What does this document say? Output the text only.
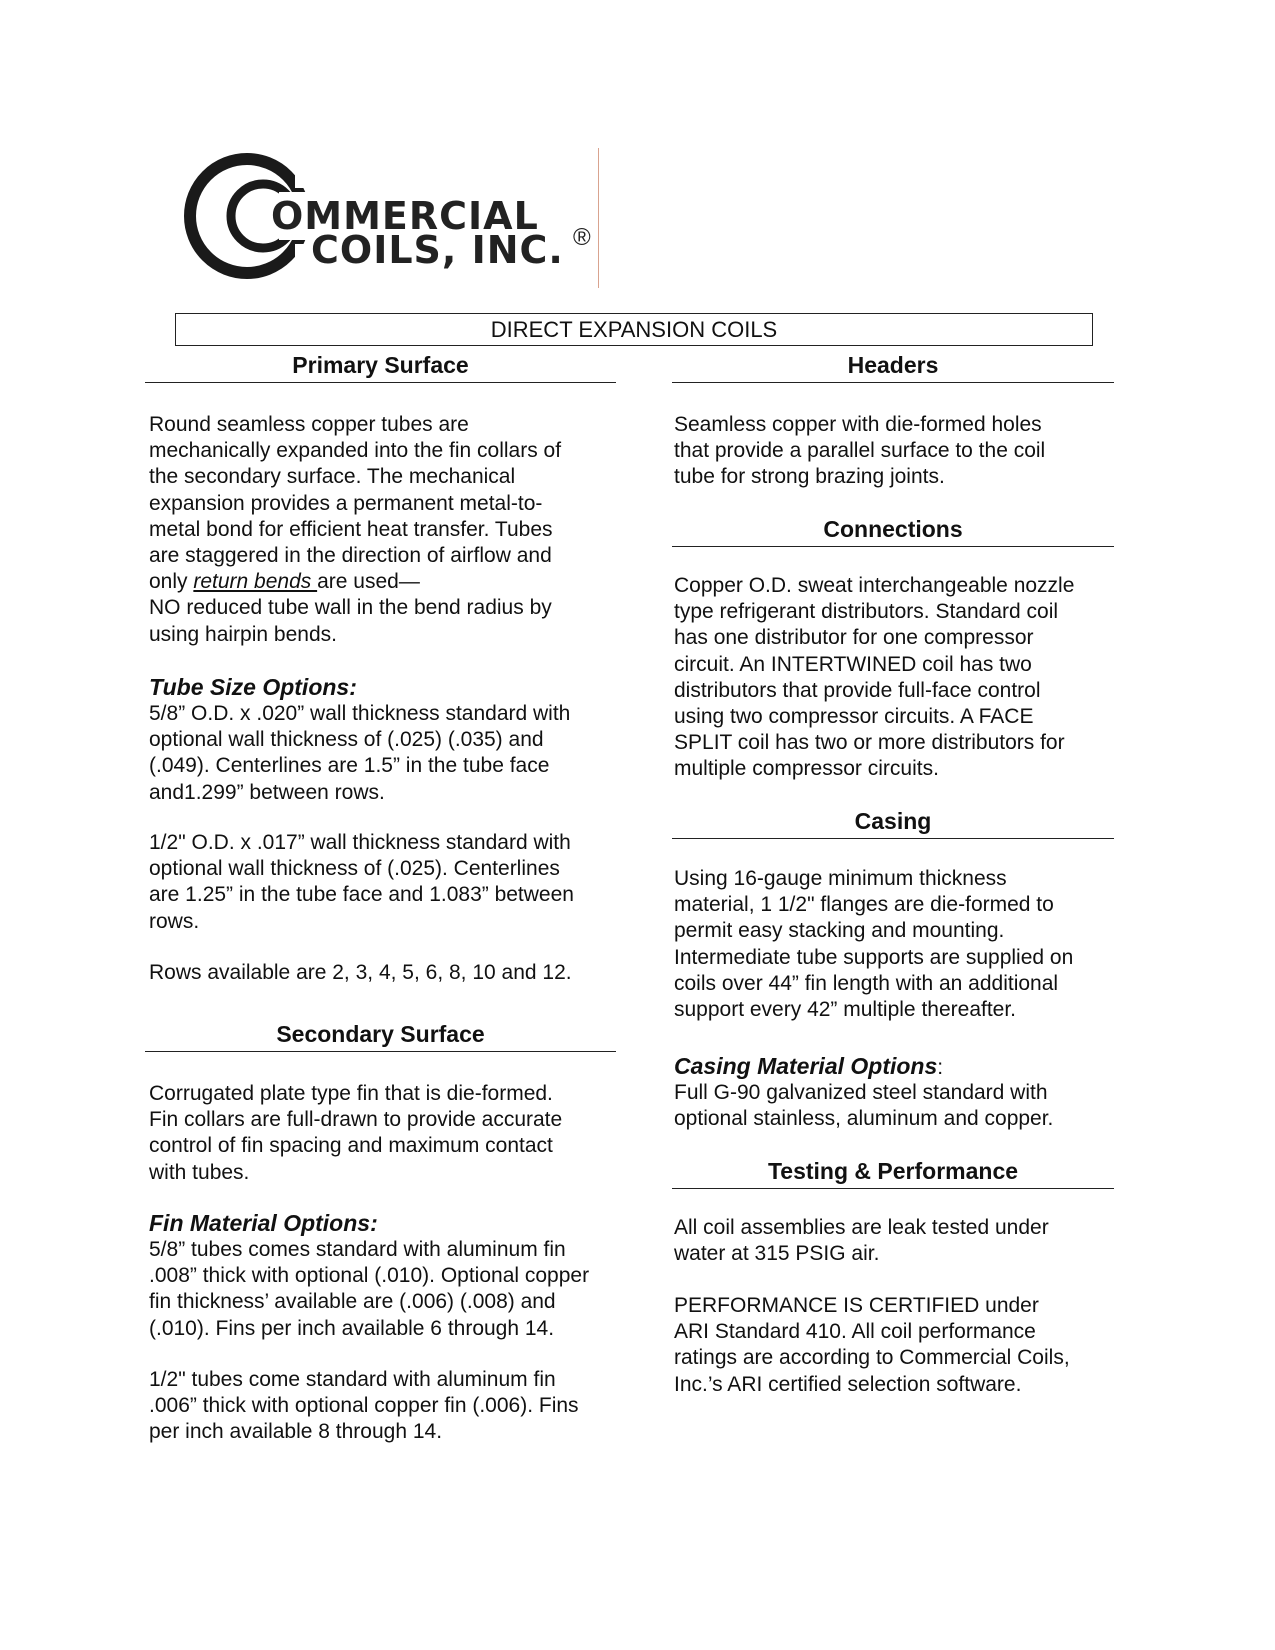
OMMERCIAL
COILS, INC. ®
DIRECT EXPANSION COILS
Primary Surface

Round seamless copper tubes are

mechanically expanded into the fin collars of

the secondary surface. The mechanical

expansion provides a permanent metal-to-

metal bond for efficient heat transfer. Tubes

are staggered in the direction of airflow and

only return bends are used—

NO reduced tube wall in the bend radius by

using hairpin bends.

Tube Size Options:

5/8” O.D. x .020” wall thickness standard with

optional wall thickness of (.025) (.035) and

(.049). Centerlines are 1.5” in the tube face

and1.299” between rows.

1/2" O.D. x .017” wall thickness standard with

optional wall thickness of (.025). Centerlines

are 1.25” in the tube face and 1.083” between

rows.

Rows available are 2, 3, 4, 5, 6, 8, 10 and 12.
Secondary Surface

Corrugated plate type fin that is die-formed.

Fin collars are full-drawn to provide accurate

control of fin spacing and maximum contact

with tubes.

Fin Material Options:

5/8” tubes comes standard with aluminum fin

.008” thick with optional (.010). Optional copper

fin thickness’ available are (.006) (.008) and

(.010). Fins per inch available 6 through 14.

1/2" tubes come standard with aluminum fin

.006” thick with optional copper fin (.006). Fins

per inch available 8 through 14.

Headers

Seamless copper with die-formed holes

that provide a parallel surface to the coil

tube for strong brazing joints.

Connections

Copper O.D. sweat interchangeable nozzle

type refrigerant distributors. Standard coil

has one distributor for one compressor

circuit. An INTERTWINED coil has two

distributors that provide full-face control

using two compressor circuits. A FACE

SPLIT coil has two or more distributors for

multiple compressor circuits.

Casing

Using 16-gauge minimum thickness

material, 1 1/2" flanges are die-formed to

permit easy stacking and mounting.

Intermediate tube supports are supplied on

coils over 44” fin length with an additional

support every 42” multiple thereafter.

Casing Material Options:

Full G-90 galvanized steel standard with

optional stainless, aluminum and copper.

Testing & Performance

All coil assemblies are leak tested under

water at 315 PSIG air.

PERFORMANCE IS CERTIFIED under

ARI Standard 410. All coil performance

ratings are according to Commercial Coils,

Inc.’s ARI certified selection software.
